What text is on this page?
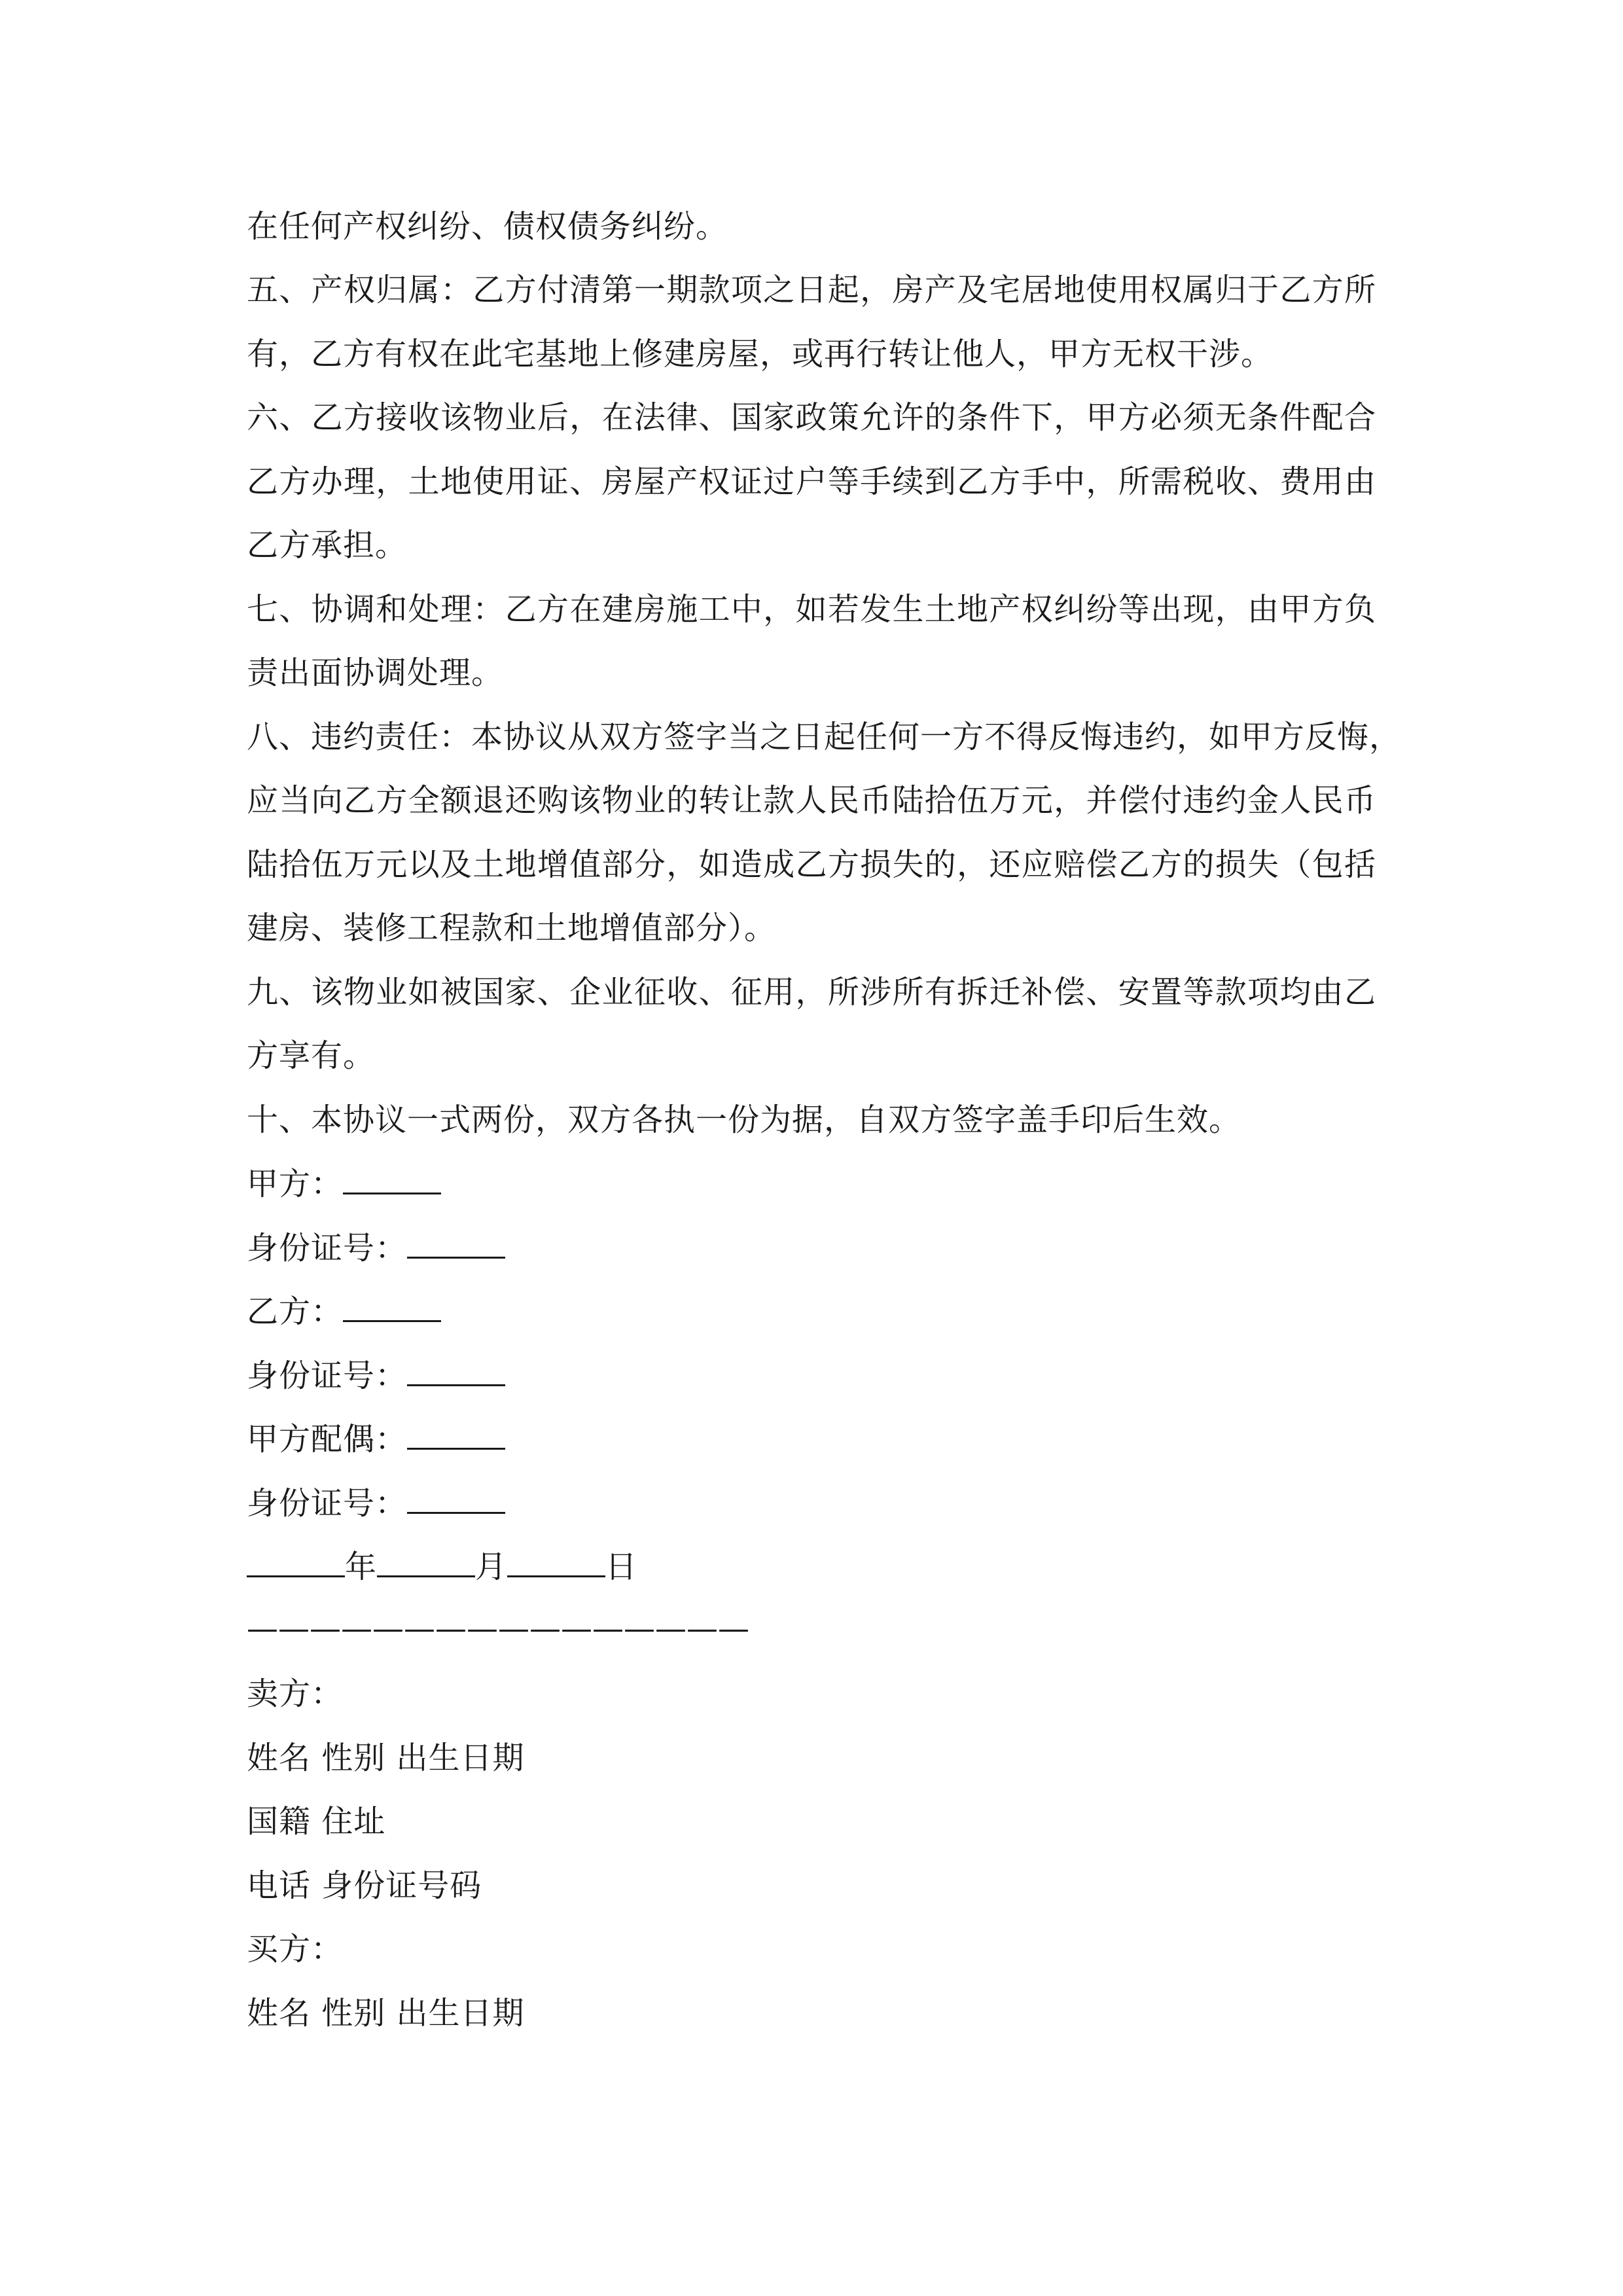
在任何产权纠纷、债权债务纠纷。
五、产权归属：乙方付清第一期款项之日起，房产及宅居地使用权属归于乙方所
有，乙方有权在此宅基地上修建房屋，或再行转让他人，甲方无权干涉。
六、乙方接收该物业后，在法律、国家政策允许的条件下，甲方必须无条件配合
乙方办理，土地使用证、房屋产权证过户等手续到乙方手中，所需税收、费用由
乙方承担。
七、协调和处理：乙方在建房施工中，如若发生土地产权纠纷等出现，由甲方负
责出面协调处理。
八、违约责任：本协议从双方签字当之日起任何一方不得反悔违约，如甲方反悔，
应当向乙方全额退还购该物业的转让款人民币陆拾伍万元，并偿付违约金人民币
陆拾伍万元以及土地增值部分，如造成乙方损失的，还应赔偿乙方的损失（包括
建房、装修工程款和土地增值部分）。
九、该物业如被国家、企业征收、征用，所涉所有拆迁补偿、安置等款项均由乙
方享有。
十、本协议一式两份，双方各执一份为据，自双方签字盖手印后生效。
甲方：
身份证号：
乙方：
身份证号：
甲方配偶：
身份证号：
年	月	日
————————————————
卖方：
姓名 性别 出生日期
国籍 住址
电话 身份证号码
买方：
姓名 性别 出生日期
